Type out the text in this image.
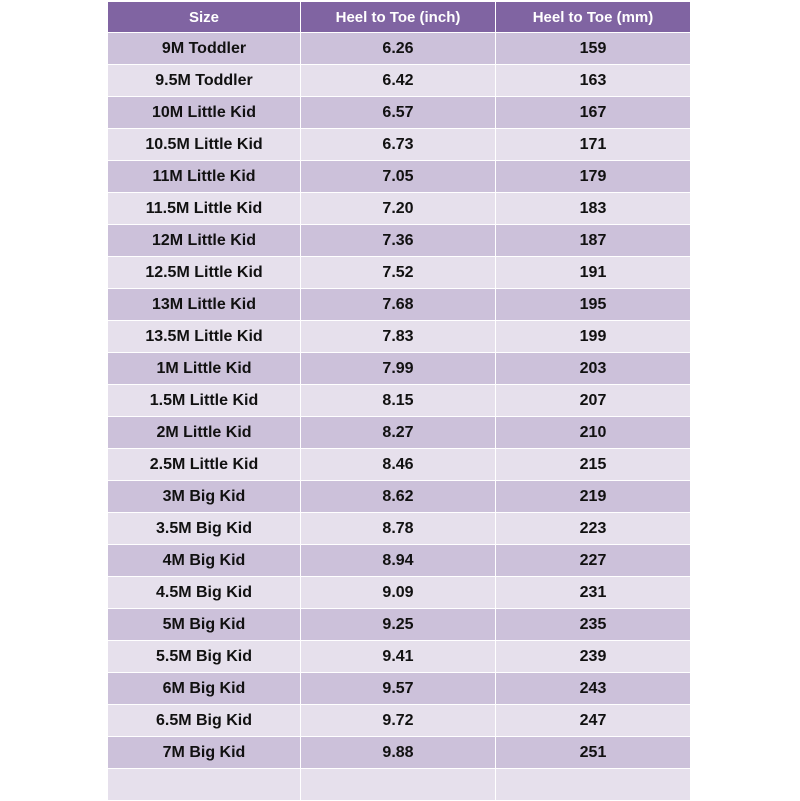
Size	Heel to Toe (inch)	Heel to Toe (mm)
9M Toddler	6.26	159
9.5M Toddler	6.42	163
10M Little Kid	6.57	167
10.5M Little Kid	6.73	171
11M Little Kid	7.05	179
11.5M Little Kid	7.20	183
12M Little Kid	7.36	187
12.5M Little Kid	7.52	191
13M Little Kid	7.68	195
13.5M Little Kid	7.83	199
1M Little Kid	7.99	203
1.5M Little Kid	8.15	207
2M Little Kid	8.27	210
2.5M Little Kid	8.46	215
3M Big Kid	8.62	219
3.5M Big Kid	8.78	223
4M Big Kid	8.94	227
4.5M Big Kid	9.09	231
5M Big Kid	9.25	235
5.5M Big Kid	9.41	239
6M Big Kid	9.57	243
6.5M Big Kid	9.72	247
7M Big Kid	9.88	251
